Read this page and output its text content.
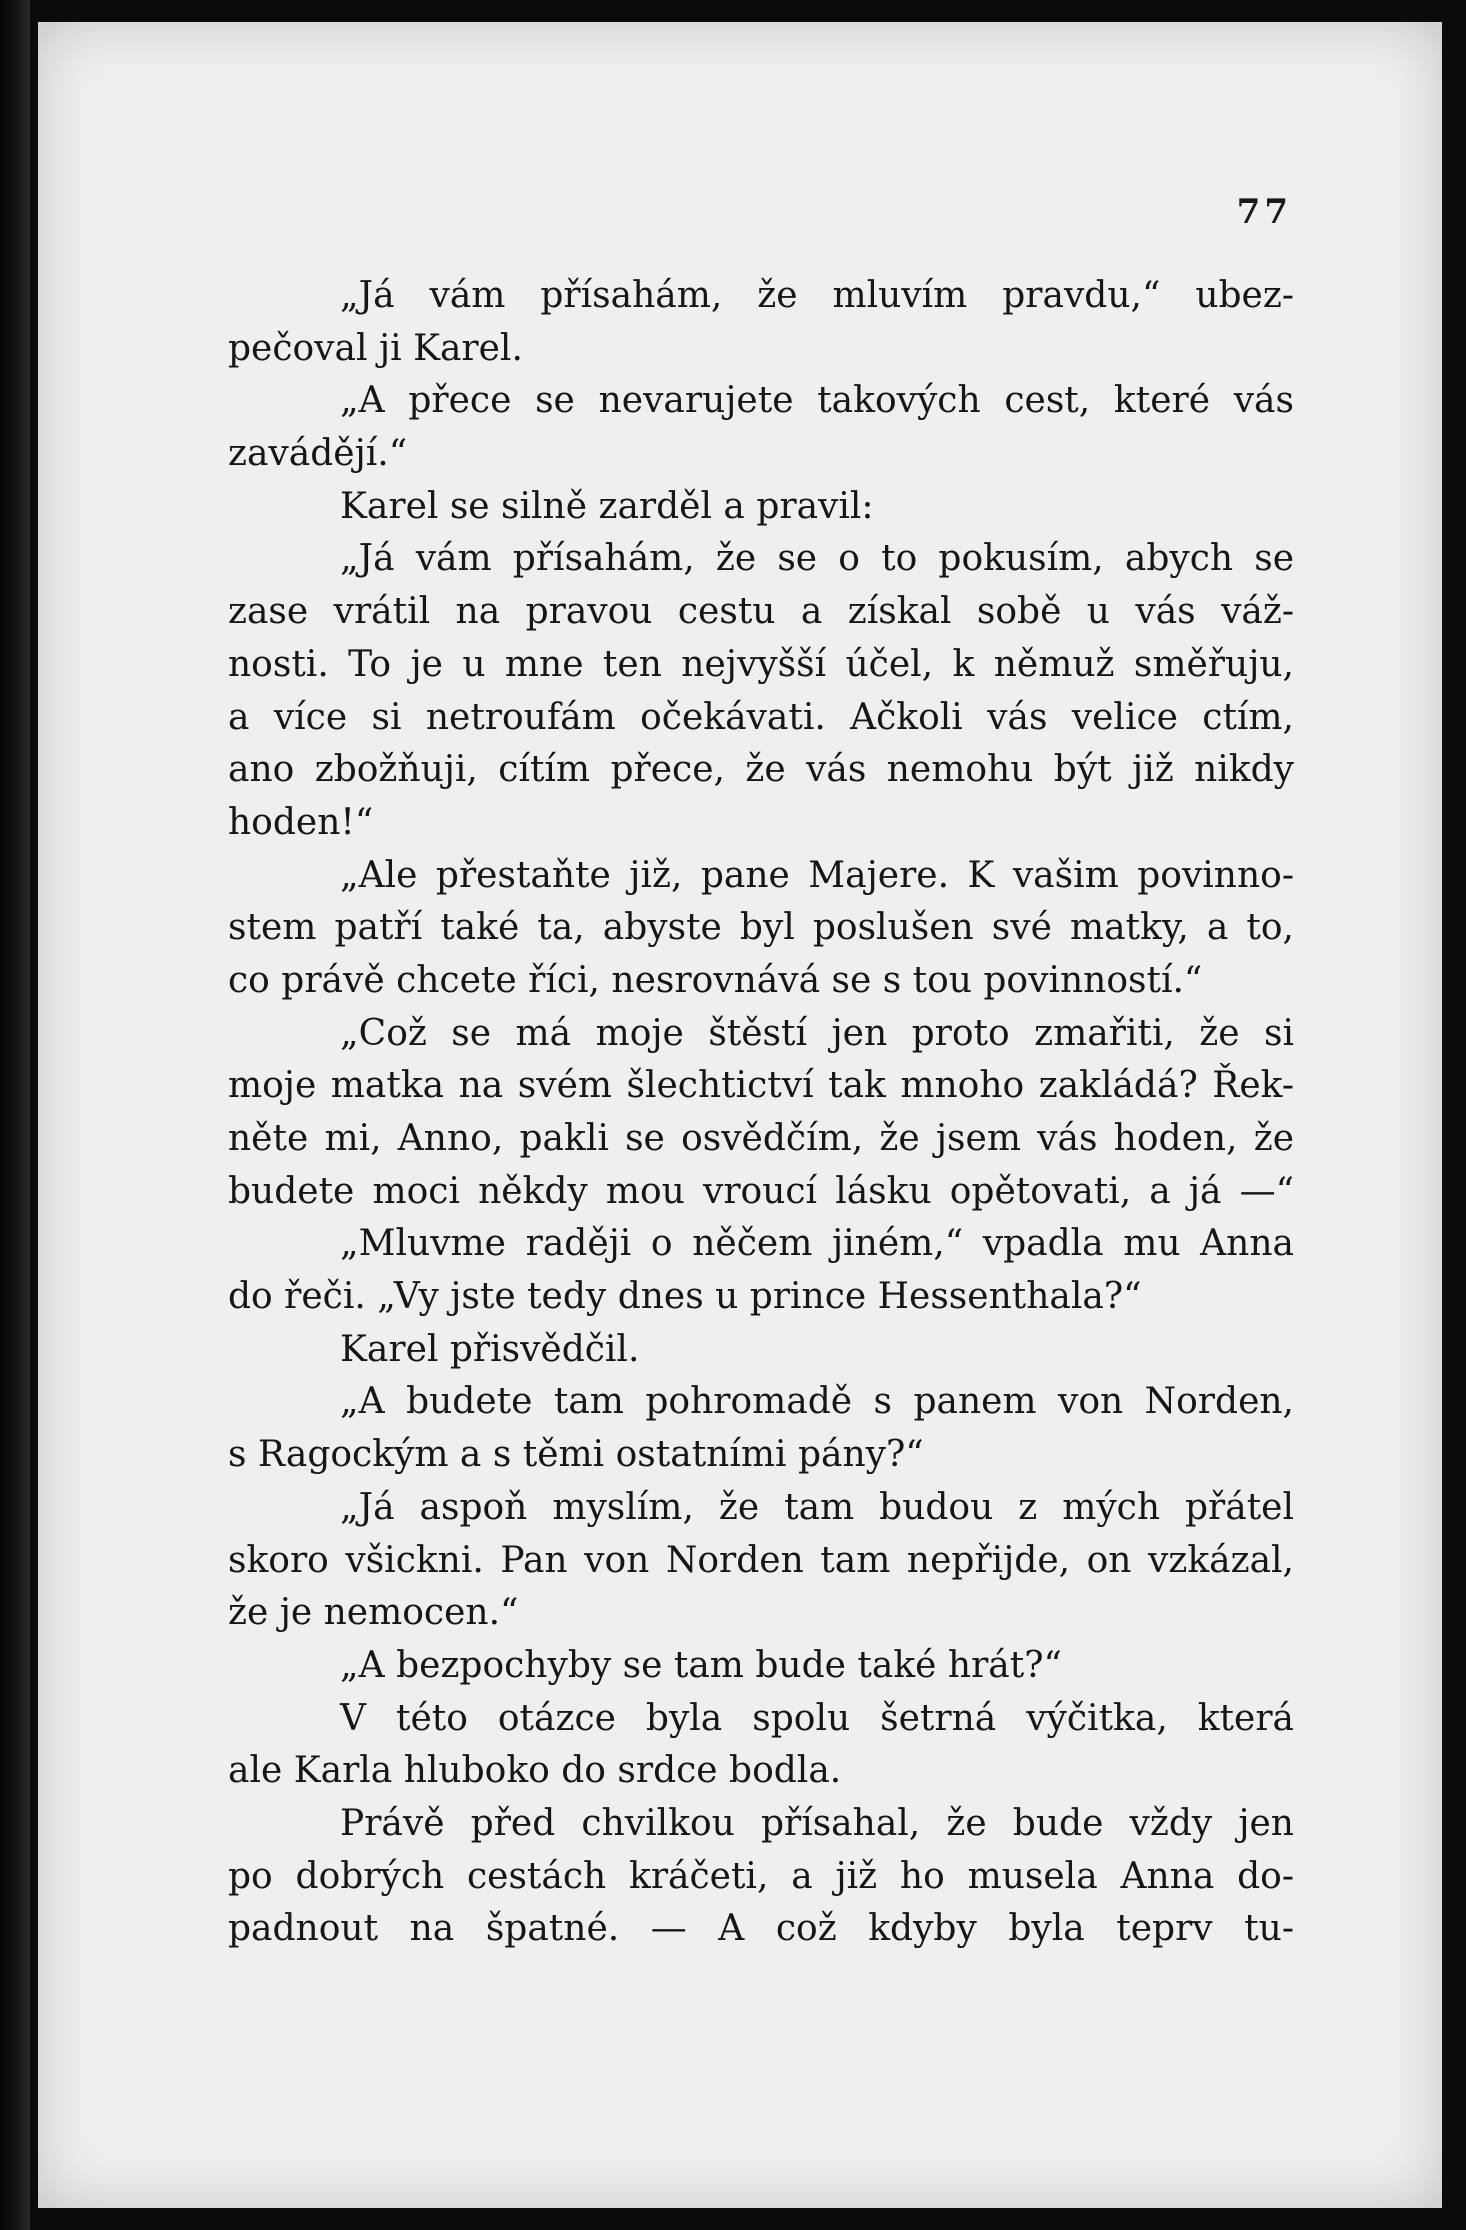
77
„Já vám přísahám, že mluvím pravdu,“ ubez-
pečoval ji Karel.
„A přece se nevarujete takových cest, které vás
zavádějí.“
Karel se silně zarděl a pravil:
„Já vám přísahám, že se o to pokusím, abych se
zase vrátil na pravou cestu a získal sobě u vás váž-
nosti. To je u mne ten nejvyšší účel, k němuž směřuju,
a více si netroufám očekávati. Ačkoli vás velice ctím,
ano zbožňuji, cítím přece, že vás nemohu být již nikdy
hoden!“
„Ale přestaňte již, pane Majere. K vašim povinno-
stem patří také ta, abyste byl poslušen své matky, a to,
co právě chcete říci, nesrovnává se s tou povinností.“
„Což se má moje štěstí jen proto zmařiti, že si
moje matka na svém šlechtictví tak mnoho zakládá? Řek-
něte mi, Anno, pakli se osvědčím, že jsem vás hoden, že
budete moci někdy mou vroucí lásku opětovati, a já —“
„Mluvme raději o něčem jiném,“ vpadla mu Anna
do řeči. „Vy jste tedy dnes u prince Hessenthala?“
Karel přisvědčil.
„A budete tam pohromadě s panem von Norden,
s Ragockým a s těmi ostatními pány?“
„Já aspoň myslím, že tam budou z mých přátel
skoro všickni. Pan von Norden tam nepřijde, on vzkázal,
že je nemocen.“
„A bezpochyby se tam bude také hrát?“
V této otázce byla spolu šetrná výčitka, která
ale Karla hluboko do srdce bodla.
Právě před chvilkou přísahal, že bude vždy jen
po dobrých cestách kráčeti, a již ho musela Anna do-
padnout na špatné. — A což kdyby byla teprv tu-
